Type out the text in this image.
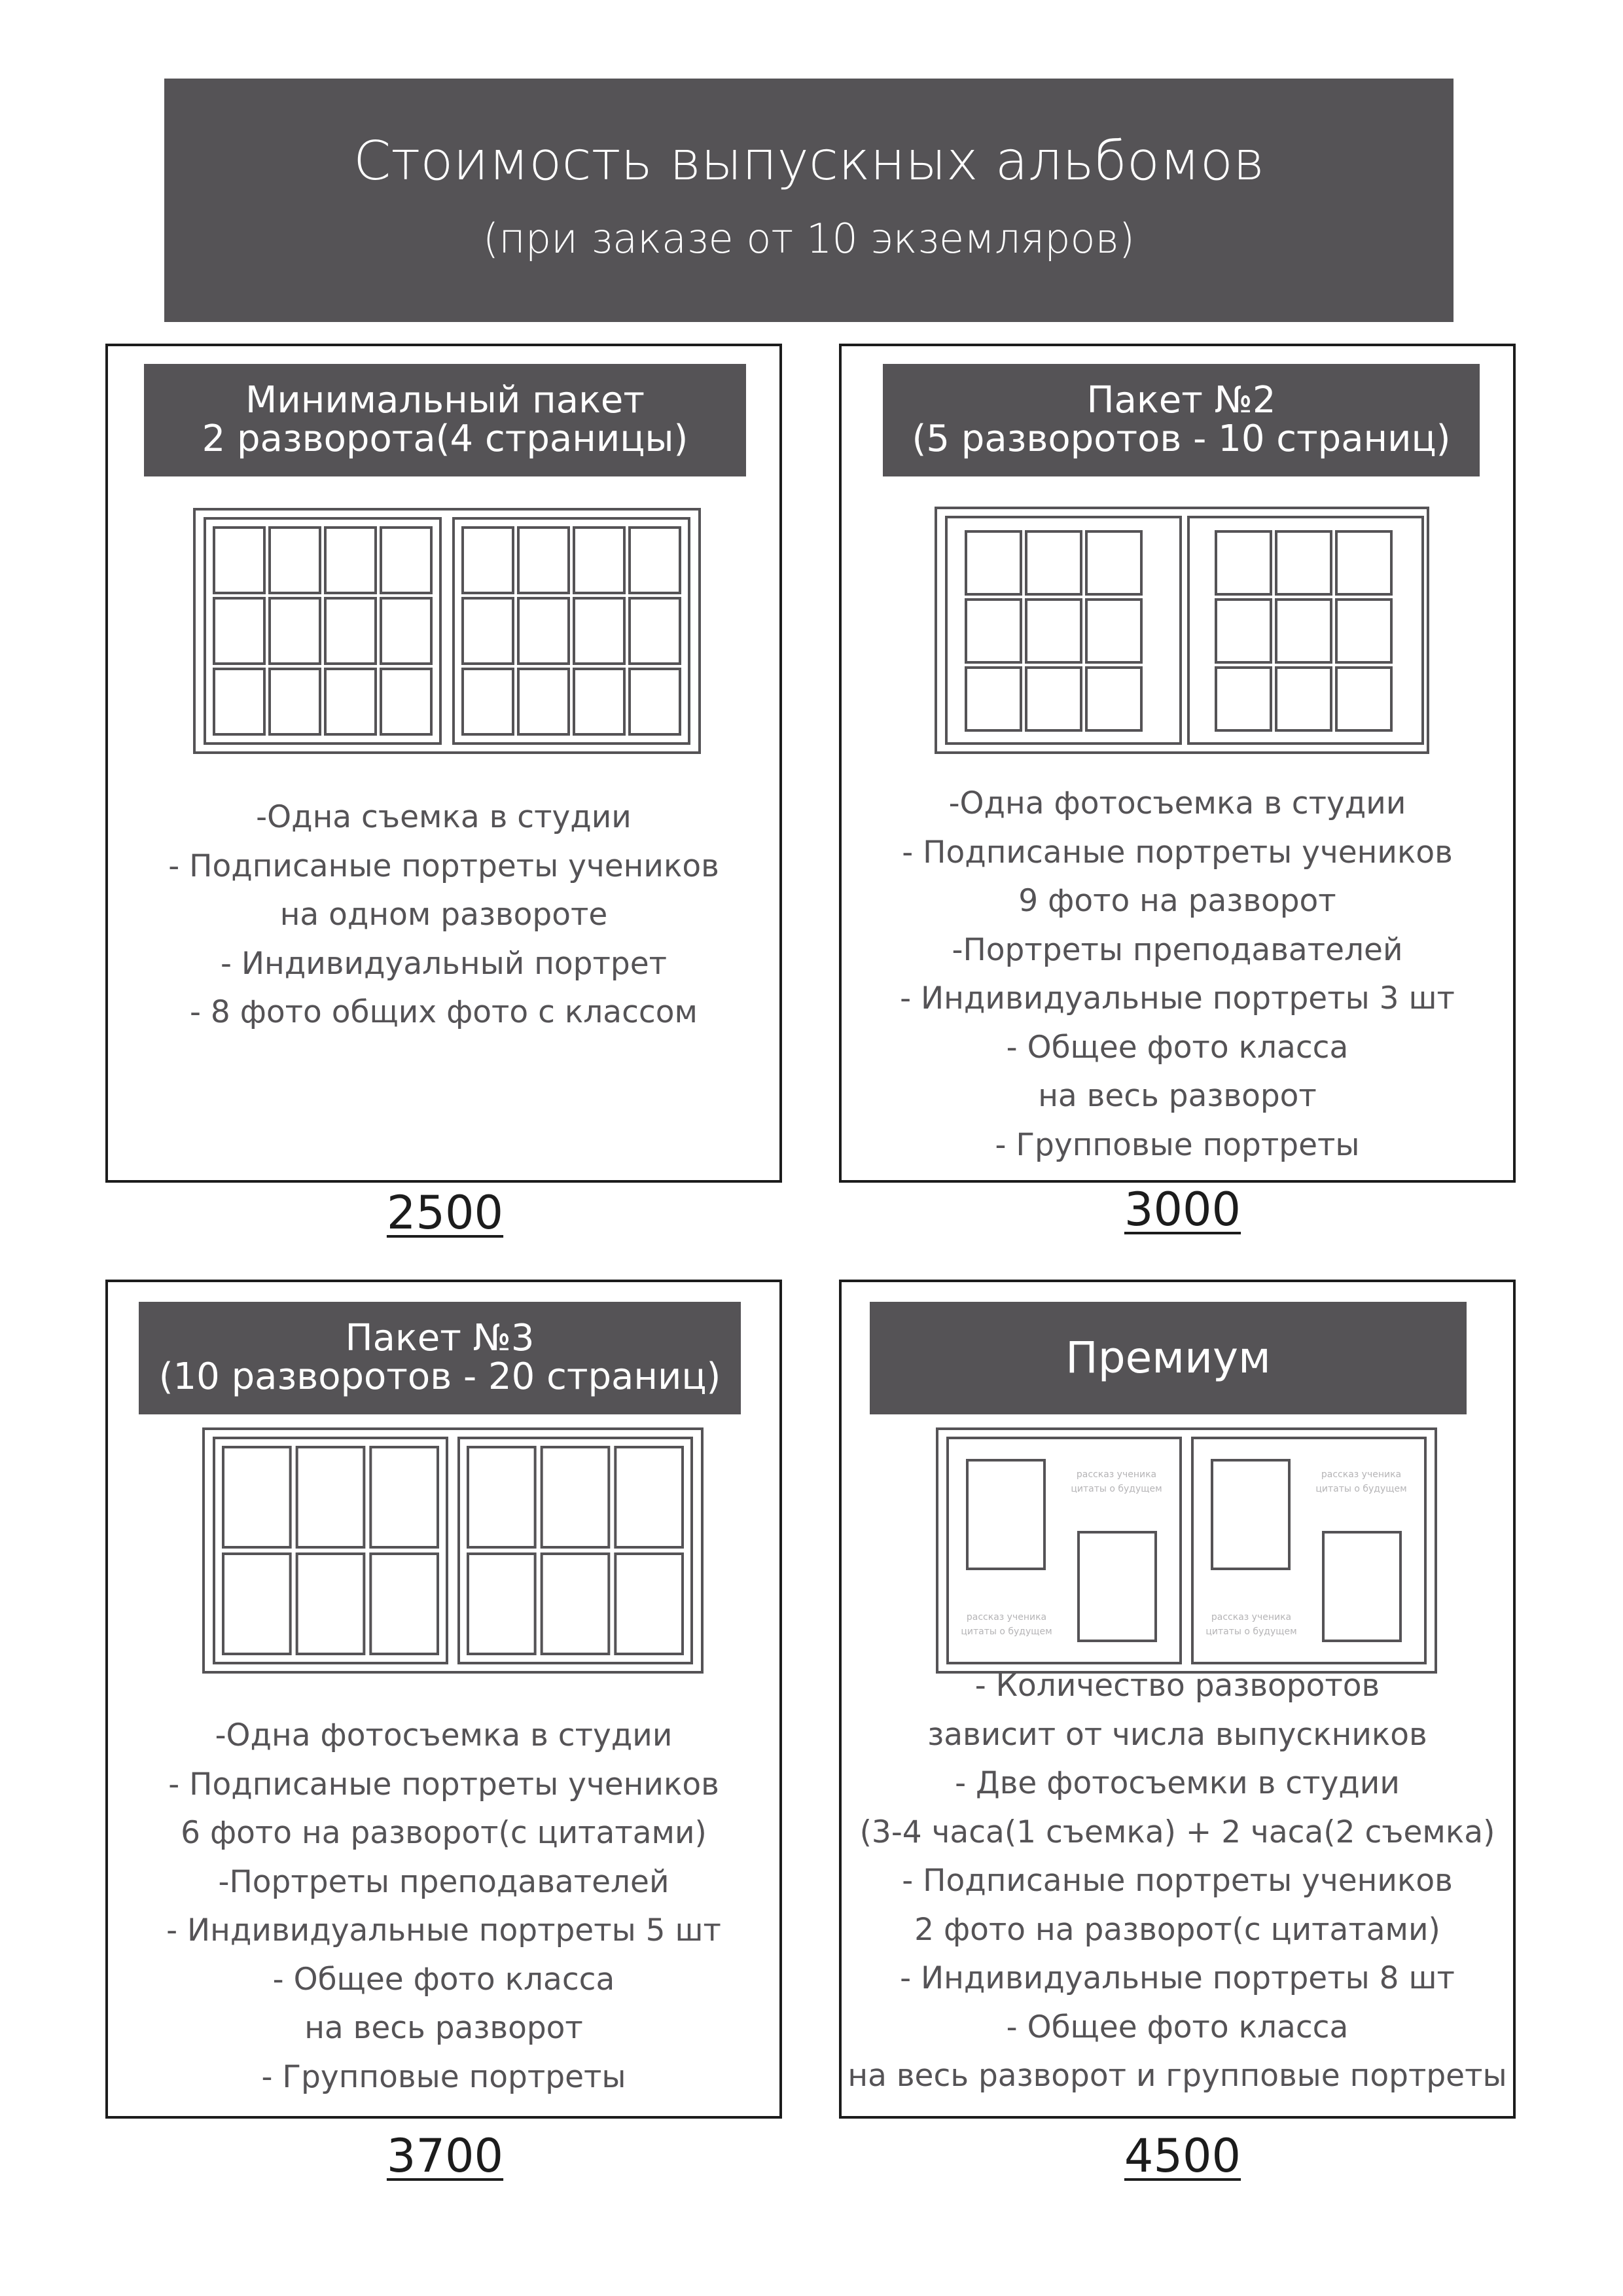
Стоимость выпускных альбомов
(при заказе от 10 экземляров)
Минимальный пакет
2 разворота(4 страницы)
-Одна съемка в студии
- Подписаные портреты учеников
на одном развороте
- Индивидуальный портрет
- 8 фото общих фото с классом
2500
Пакет №2
(5 разворотов - 10 страниц)
-Одна фотосъемка в студии
- Подписаные портреты учеников
9 фото на разворот
-Портреты преподавателей
- Индивидуальные портреты 3 шт
- Общее фото класса
на весь разворот
- Групповые портреты
3000
Пакет №3
(10 разворотов - 20 страниц)
-Одна фотосъемка в студии
- Подписаные портреты учеников
6 фото на разворот(с цитатами)
-Портреты преподавателей
- Индивидуальные портреты 5 шт
- Общее фото класса
на весь разворот
- Групповые портреты
3700
Премиум
рассказ ученика
цитаты о будущем
рассказ ученика
цитаты о будущем
рассказ ученика
цитаты о будущем
рассказ ученика
цитаты о будущем
- Количество разворотов
зависит от числа выпускников
- Две фотосъемки в студии
(3-4 часа(1 съемка) + 2 часа(2 съемка)
- Подписаные портреты учеников
2 фото на разворот(с цитатами)
- Индивидуальные портреты 8 шт
- Общее фото класса
на весь разворот и групповые портреты
4500
